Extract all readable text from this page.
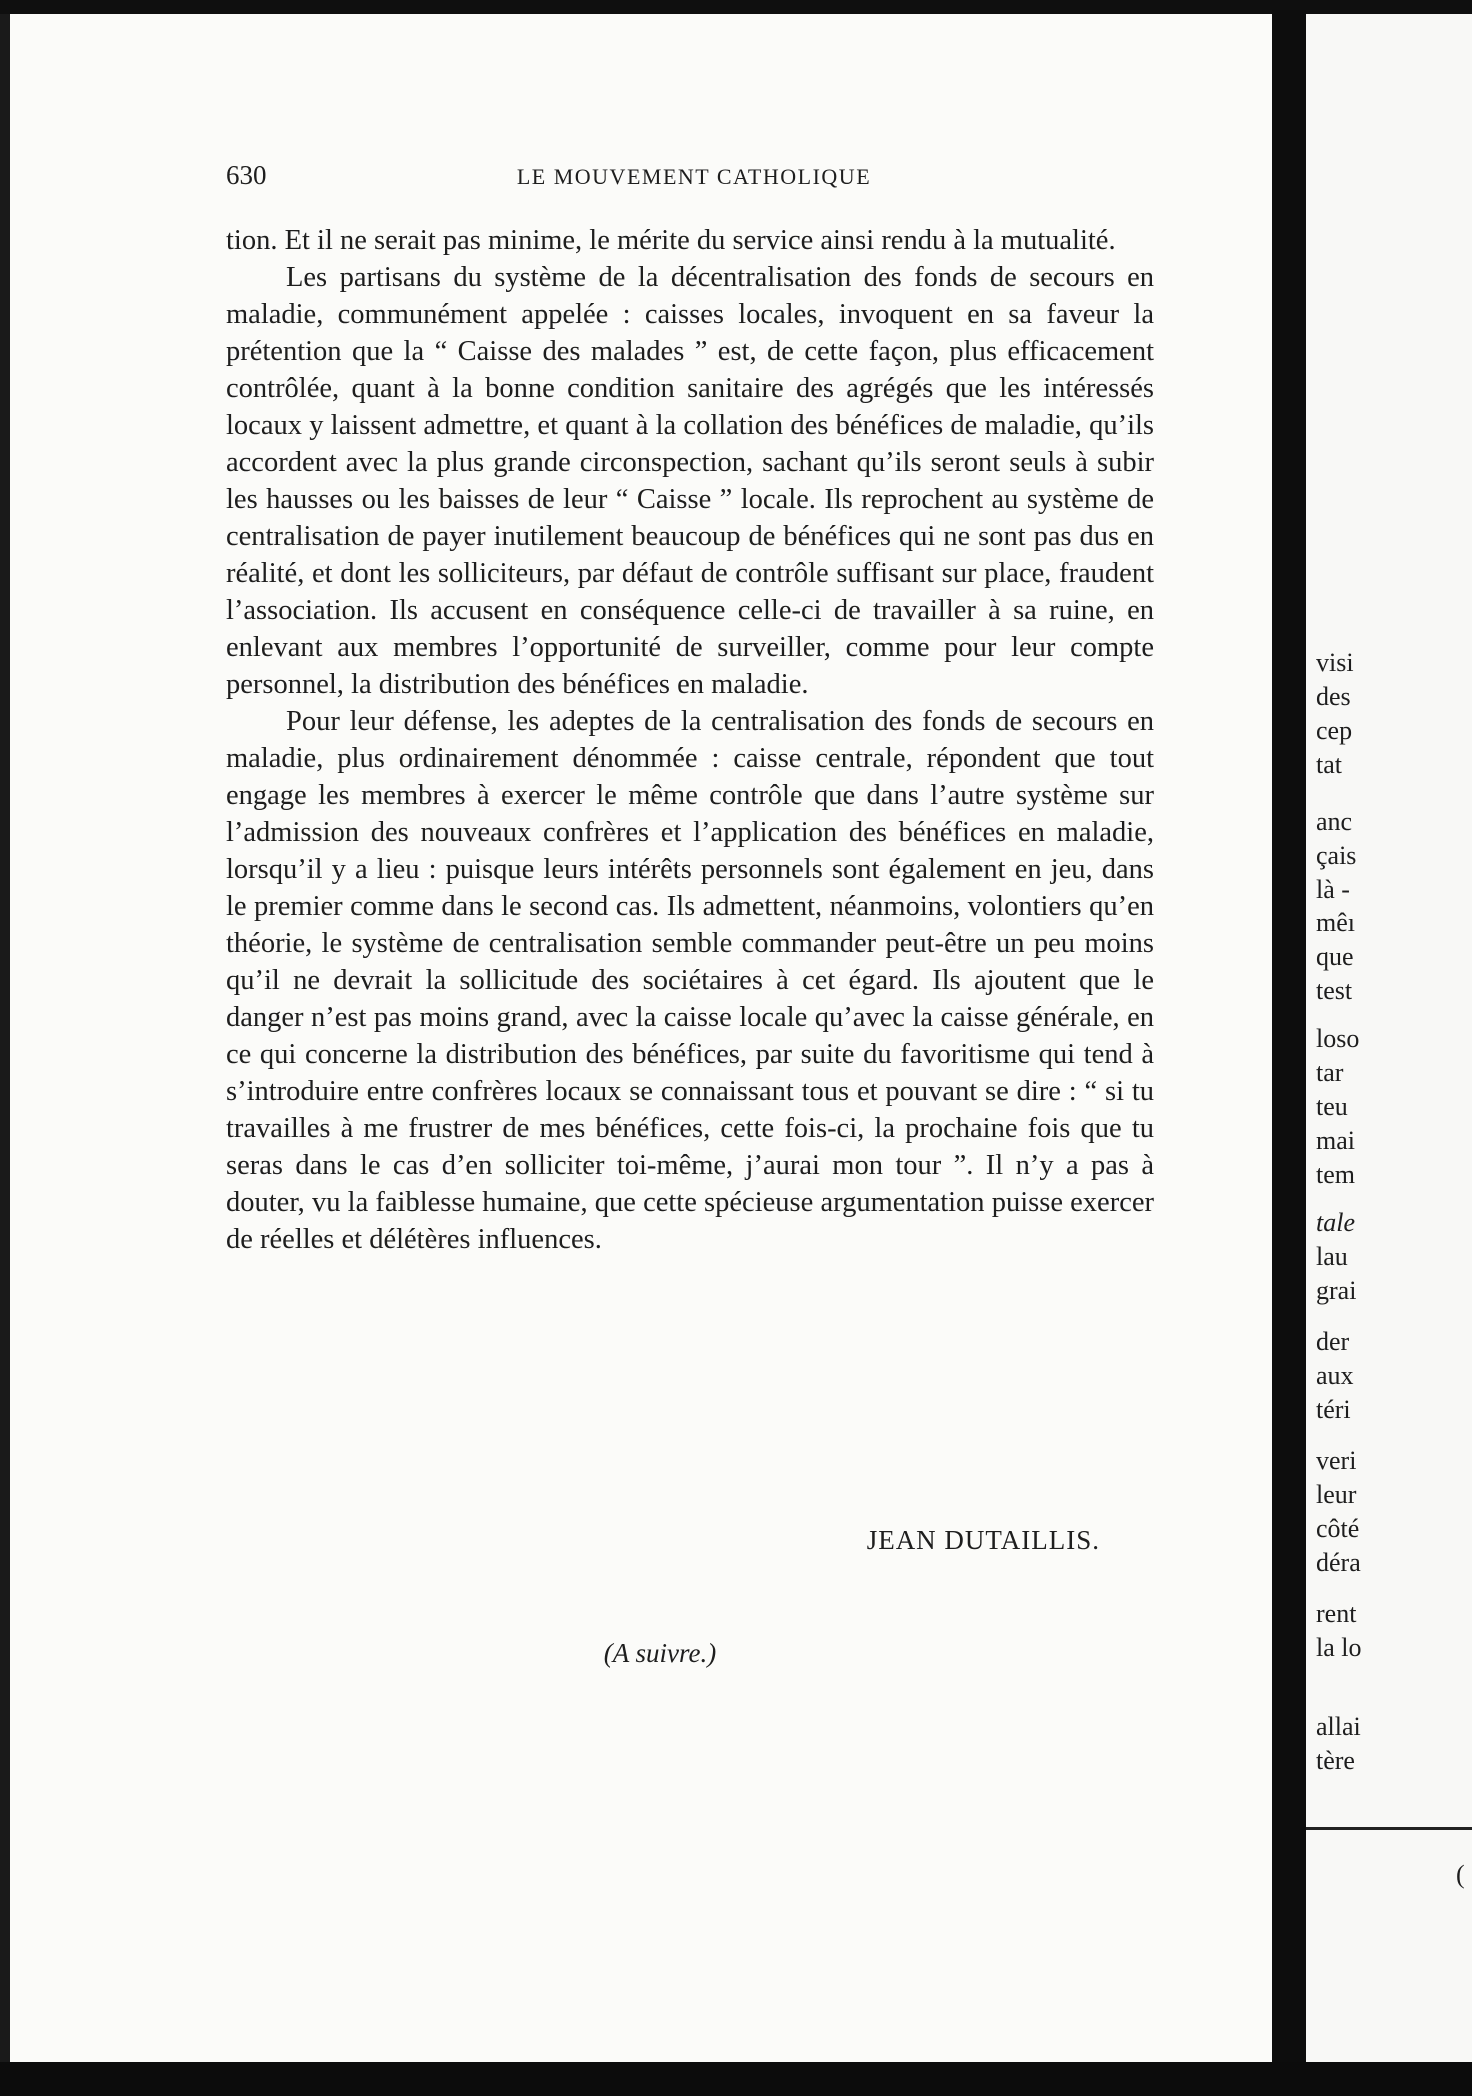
630	LE MOUVEMENT CATHOLIQUE

tion. Et il ne serait pas minime, le mérite du service ainsi rendu à la mutualité.

Les partisans du système de la décentralisation des fonds de secours en maladie, communément appelée : caisses locales, invoquent en sa faveur la prétention que la “ Caisse des malades ” est, de cette façon, plus efficacement contrôlée, quant à la bonne condition sanitaire des agrégés que les intéressés locaux y laissent admettre, et quant à la collation des bénéfices de maladie, qu’ils accordent avec la plus grande circonspection, sachant qu’ils seront seuls à subir les hausses ou les baisses de leur “ Caisse ” locale. Ils reprochent au système de centralisation de payer inutilement beaucoup de bénéfices qui ne sont pas dus en réalité, et dont les solliciteurs, par défaut de contrôle suffisant sur place, fraudent l’association. Ils accusent en conséquence celle-ci de travailler à sa ruine, en enlevant aux membres l’opportunité de surveiller, comme pour leur compte personnel, la distribution des bénéfices en maladie.

Pour leur défense, les adeptes de la centralisation des fonds de secours en maladie, plus ordinairement dénommée : caisse centrale, répondent que tout engage les membres à exercer le même contrôle que dans l’autre système sur l’admission des nouveaux confrères et l’application des bénéfices en maladie, lorsqu’il y a lieu : puisque leurs intérêts personnels sont également en jeu, dans le premier comme dans le second cas. Ils admettent, néanmoins, volontiers qu’en théorie, le système de centralisation semble commander peut-être un peu moins qu’il ne devrait la sollicitude des sociétaires à cet égard. Ils ajoutent que le danger n’est pas moins grand, avec la caisse locale qu’avec la caisse générale, en ce qui concerne la distribution des bénéfices, par suite du favoritisme qui tend à s’introduire entre confrères locaux se connaissant tous et pouvant se dire : “ si tu travailles à me frustrer de mes bénéfices, cette fois-ci, la prochaine fois que tu seras dans le cas d’en solliciter toi-même, j’aurai mon tour ”. Il n’y a pas à douter, vu la faiblesse humaine, que cette spécieuse argumentation puisse exercer de réelles et délétères influences.

JEAN DUTAILLIS.
(A suivre.)
visi
des
cep
tat
anc
çais
là -
mêı
que
test
loso
tar
teu
mai
tem
tale
lau
grai
der
aux
téri
veri
leur
côté
déra
rent
la lo
allai
tère
(
